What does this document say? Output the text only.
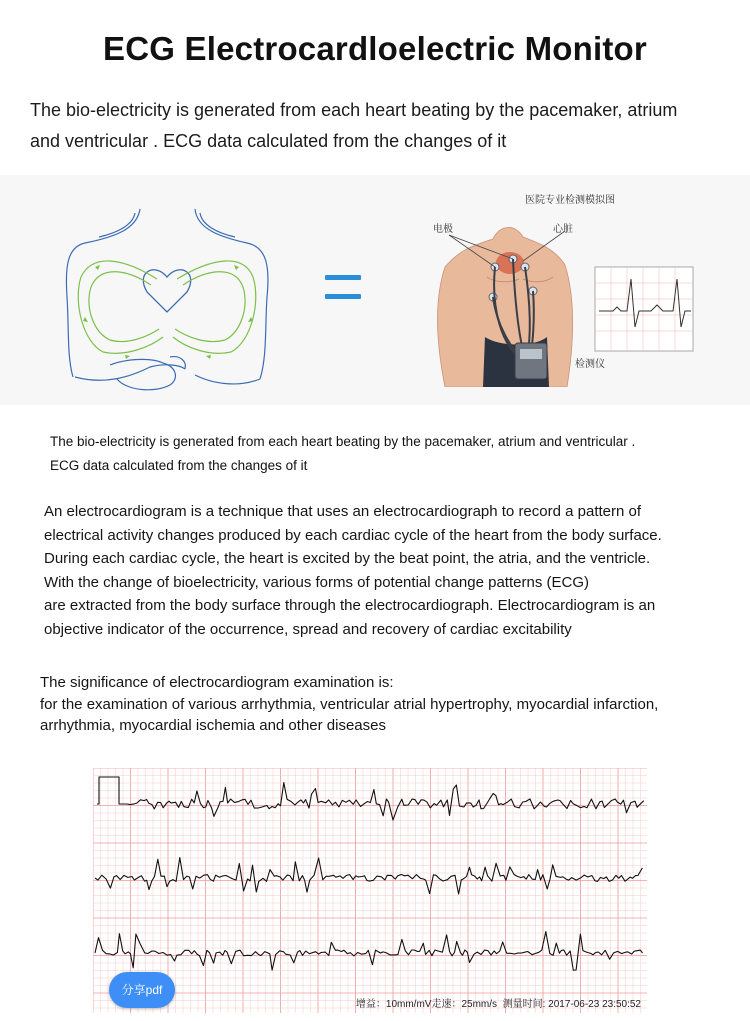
ECG Electrocardloelectric Monitor

The bio-electricity is generated from each heart beating by the pacemaker, atrium

and ventricular . ECG data calculated from the changes of it

医院专业检测模拟图
电极	心脏
检测仪

The bio-electricity is generated from each heart beating by the pacemaker, atrium and ventricular .

ECG data calculated from the changes of it

An electrocardiogram is a technique that uses an electrocardiograph to record a pattern of

electrical activity changes produced by each cardiac cycle of the heart from the body surface.

During each cardiac cycle, the heart is excited by the beat point, the atria, and the ventricle.

With the change of bioelectricity, various forms of potential change patterns (ECG)

are extracted from the body surface through the electrocardiograph. Electrocardiogram is an

objective indicator of the occurrence, spread and recovery of cardiac excitability

The significance of electrocardiogram examination is:

for the examination of various arrhythmia, ventricular atrial hypertrophy, myocardial infarction,

arrhythmia, myocardial ischemia and other diseases

分享pdf
增益：10mm/mV走速：25mm/s 测量时间: 2017-06-23 23:50:52
